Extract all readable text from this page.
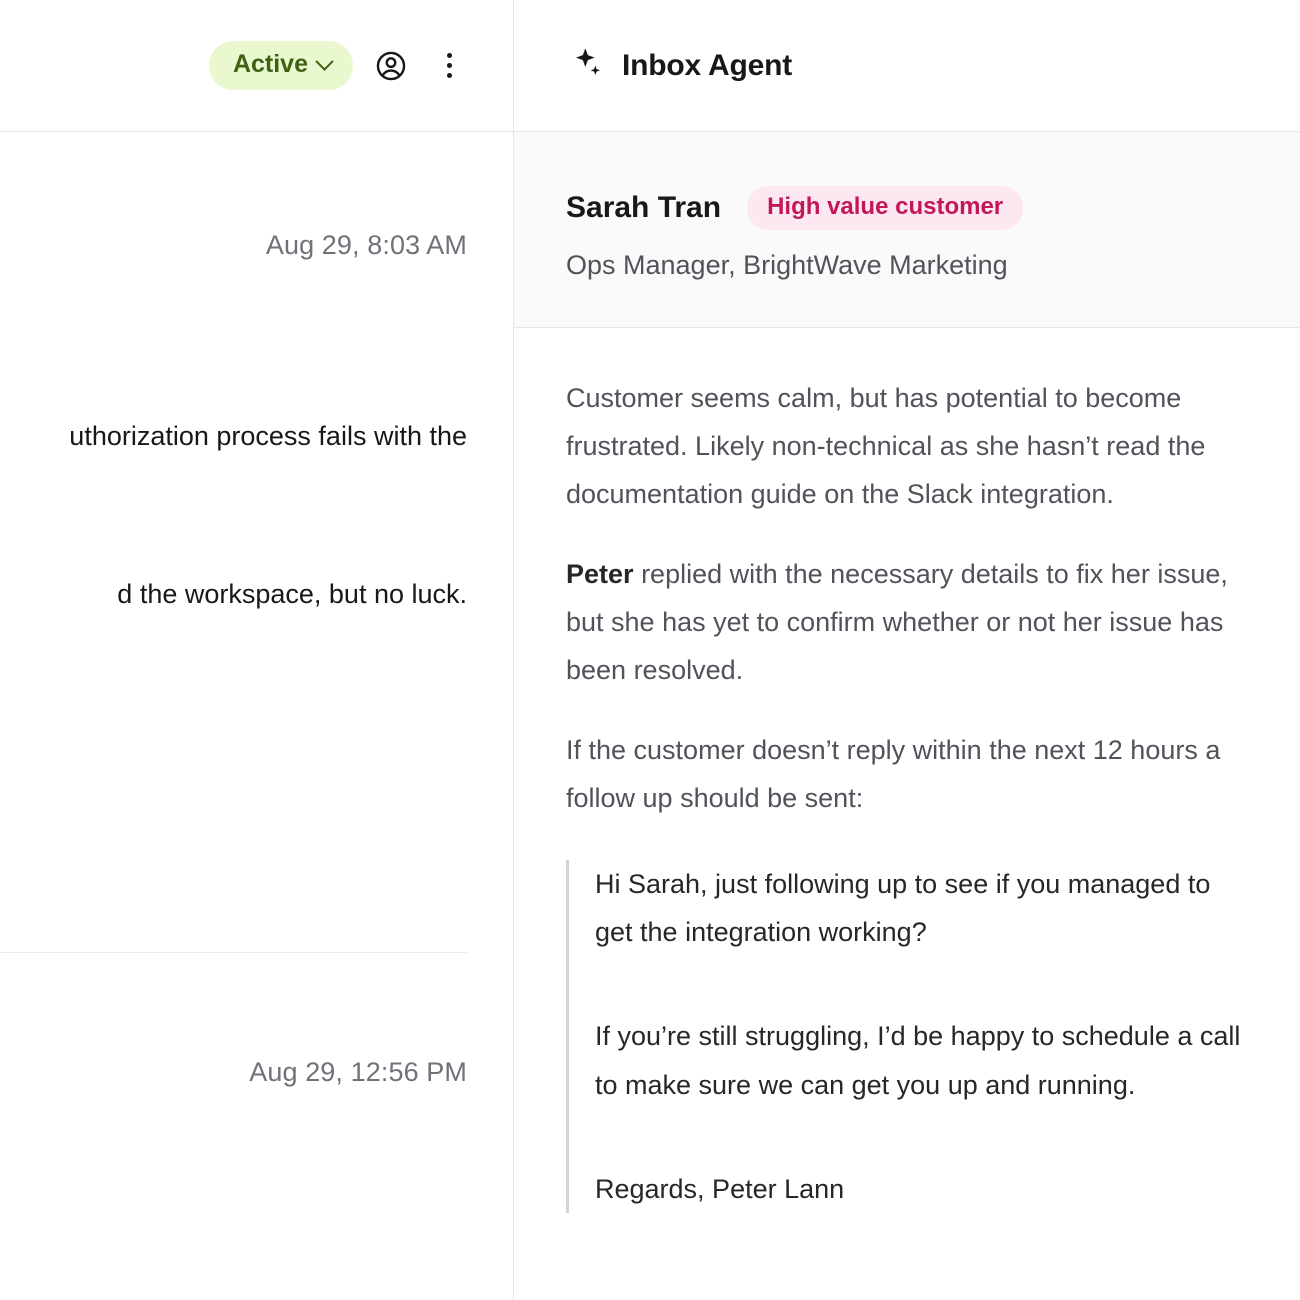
Active
Aug 29, 8:03 AM
uthorization process fails with the
d the workspace, but no luck.
Aug 29, 12:56 PM
Inbox Agent
Sarah Tran	High value customer
Ops Manager, BrightWave Marketing

Customer seems calm, but has potential to become frustrated. Likely non-technical as she hasn’t read the documentation guide on the Slack integration.

Peter replied with the necessary details to fix her issue, but she has yet to confirm whether or not her issue has been resolved.

If the customer doesn’t reply within the next 12 hours a follow up should be sent:

Hi Sarah, just following up to see if you managed to get the integration working?

If you’re still struggling, I’d be happy to schedule a call to make sure we can get you up and running.

Regards, Peter Lann
